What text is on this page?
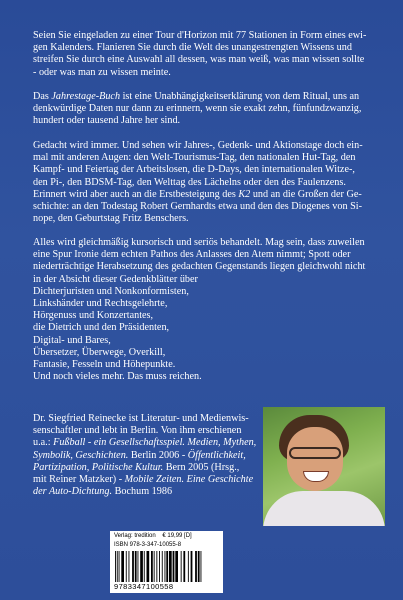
Seien Sie eingeladen zu einer Tour d'Horizon mit 77 Stationen in Form eines ewi-
gen Kalenders. Flanieren Sie durch die Welt des unangestrengten Wissens und
streifen Sie durch eine Auswahl all dessen, was man weiß, was man wissen sollte
- oder was man zu wissen meinte.
Das Jahrestage-Buch ist eine Unabhängigkeitserklärung von dem Ritual, uns an
denkwürdige Daten nur dann zu erinnern, wenn sie exakt zehn, fünfundzwanzig,
hundert oder tausend Jahre her sind.
Gedacht wird immer. Und sehen wir Jahres-, Gedenk- und Aktionstage doch ein-
mal mit anderen Augen: den Welt-Tourismus-Tag, den nationalen Hut-Tag, den
Kampf- und Feiertag der Arbeitslosen, die D-Days, den internationalen Witze-,
den Pi-, den BDSM-Tag, den Welttag des Lächelns oder den des Faulenzens.
Erinnert wird aber auch an die Erstbesteigung des K2 und an die Großen der Ge-
schichte: an den Todestag Robert Gernhardts etwa und den des Diogenes von Si-
nope, den Geburtstag Fritz Benschers.
Alles wird gleichmäßig kursorisch und seriös behandelt. Mag sein, dass zuweilen
eine Spur Ironie dem echten Pathos des Anlasses den Atem nimmt; Spott oder
niederträchtige Herabsetzung des gedachten Gegenstands liegen gleichwohl nicht
in der Absicht dieser Gedenkblätter über
Dichterjuristen und Nonkonformisten,
Linkshänder und Rechtsgelehrte,
Hörgenuss und Konzertantes,
die Dietrich und den Präsidenten,
Digital- und Bares,
Übersetzer, Überwege, Overkill,
Fantasie, Fesseln und Höhepunkte.
Und noch vieles mehr. Das muss reichen.
Dr. Siegfried Reinecke ist Literatur- und Medienwis-
senschaftler und lebt in Berlin. Von ihm erschienen
u.a.: Fußball - ein Gesellschaftsspiel. Medien, Mythen,
Symbolik, Geschichten. Berlin 2006 - Öffentlichkeit,
Partizipation, Politische Kultur. Bern 2005 (Hrsg.,
mit Reiner Matzker) - Mobile Zeiten. Eine Geschichte
der Auto-Dichtung. Bochum 1986
Verlag: tredition € 19,99 [D]
ISBN 978-3-347-10055-8
9783347100558
